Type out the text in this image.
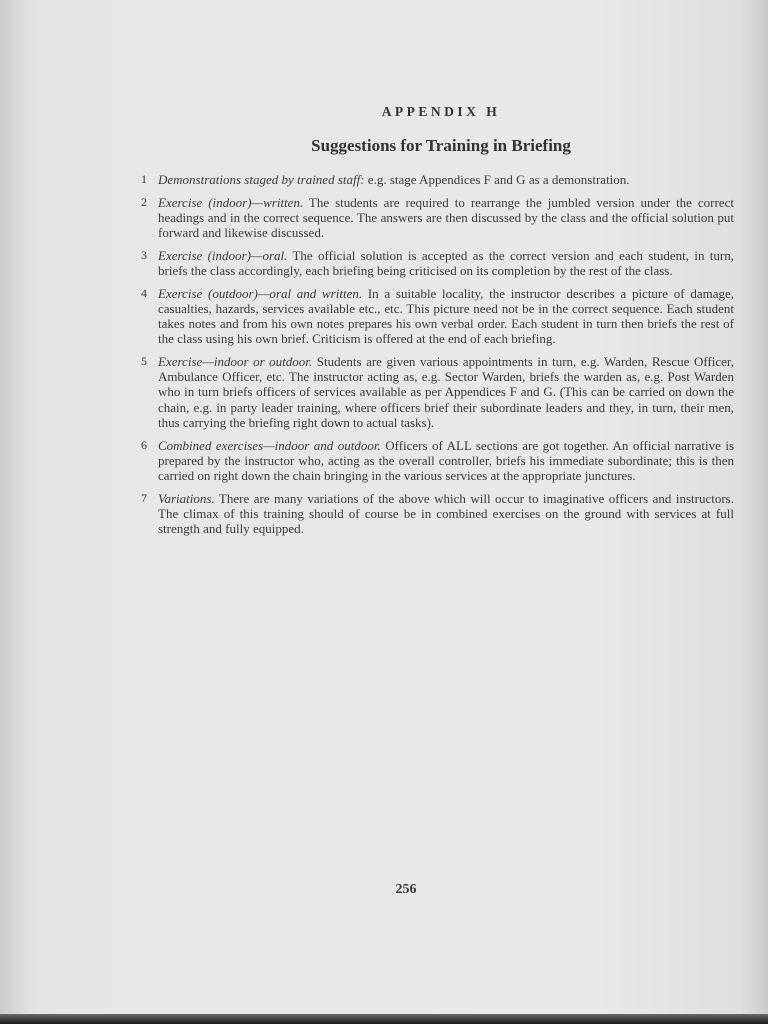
APPENDIX H
Suggestions for Training in Briefing
1 Demonstrations staged by trained staff: e.g. stage Appendices F and G as a demonstration.
2 Exercise (indoor)—written. The students are required to rearrange the jumbled version under the correct headings and in the correct sequence. The answers are then discussed by the class and the official solution put forward and likewise discussed.
3 Exercise (indoor)—oral. The official solution is accepted as the correct version and each student, in turn, briefs the class accordingly, each briefing being criticised on its completion by the rest of the class.
4 Exercise (outdoor)—oral and written. In a suitable locality, the instructor describes a picture of damage, casualties, hazards, services available etc., etc. This picture need not be in the correct sequence. Each student takes notes and from his own notes prepares his own verbal order. Each student in turn then briefs the rest of the class using his own brief. Criticism is offered at the end of each briefing.
5 Exercise—indoor or outdoor. Students are given various appointments in turn, e.g. Warden, Rescue Officer, Ambulance Officer, etc. The instructor acting as, e.g. Sector Warden, briefs the warden as, e.g. Post Warden who in turn briefs officers of services available as per Appendices F and G. (This can be carried on down the chain, e.g. in party leader training, where officers brief their subordinate leaders and they, in turn, their men, thus carrying the briefing right down to actual tasks).
6 Combined exercises—indoor and outdoor. Officers of ALL sections are got together. An official narrative is prepared by the instructor who, acting as the overall controller, briefs his immediate subordinate; this is then carried on right down the chain bringing in the various services at the appropriate junctures.
7 Variations. There are many variations of the above which will occur to imaginative officers and instructors. The climax of this training should of course be in combined exercises on the ground with services at full strength and fully equipped.
256
